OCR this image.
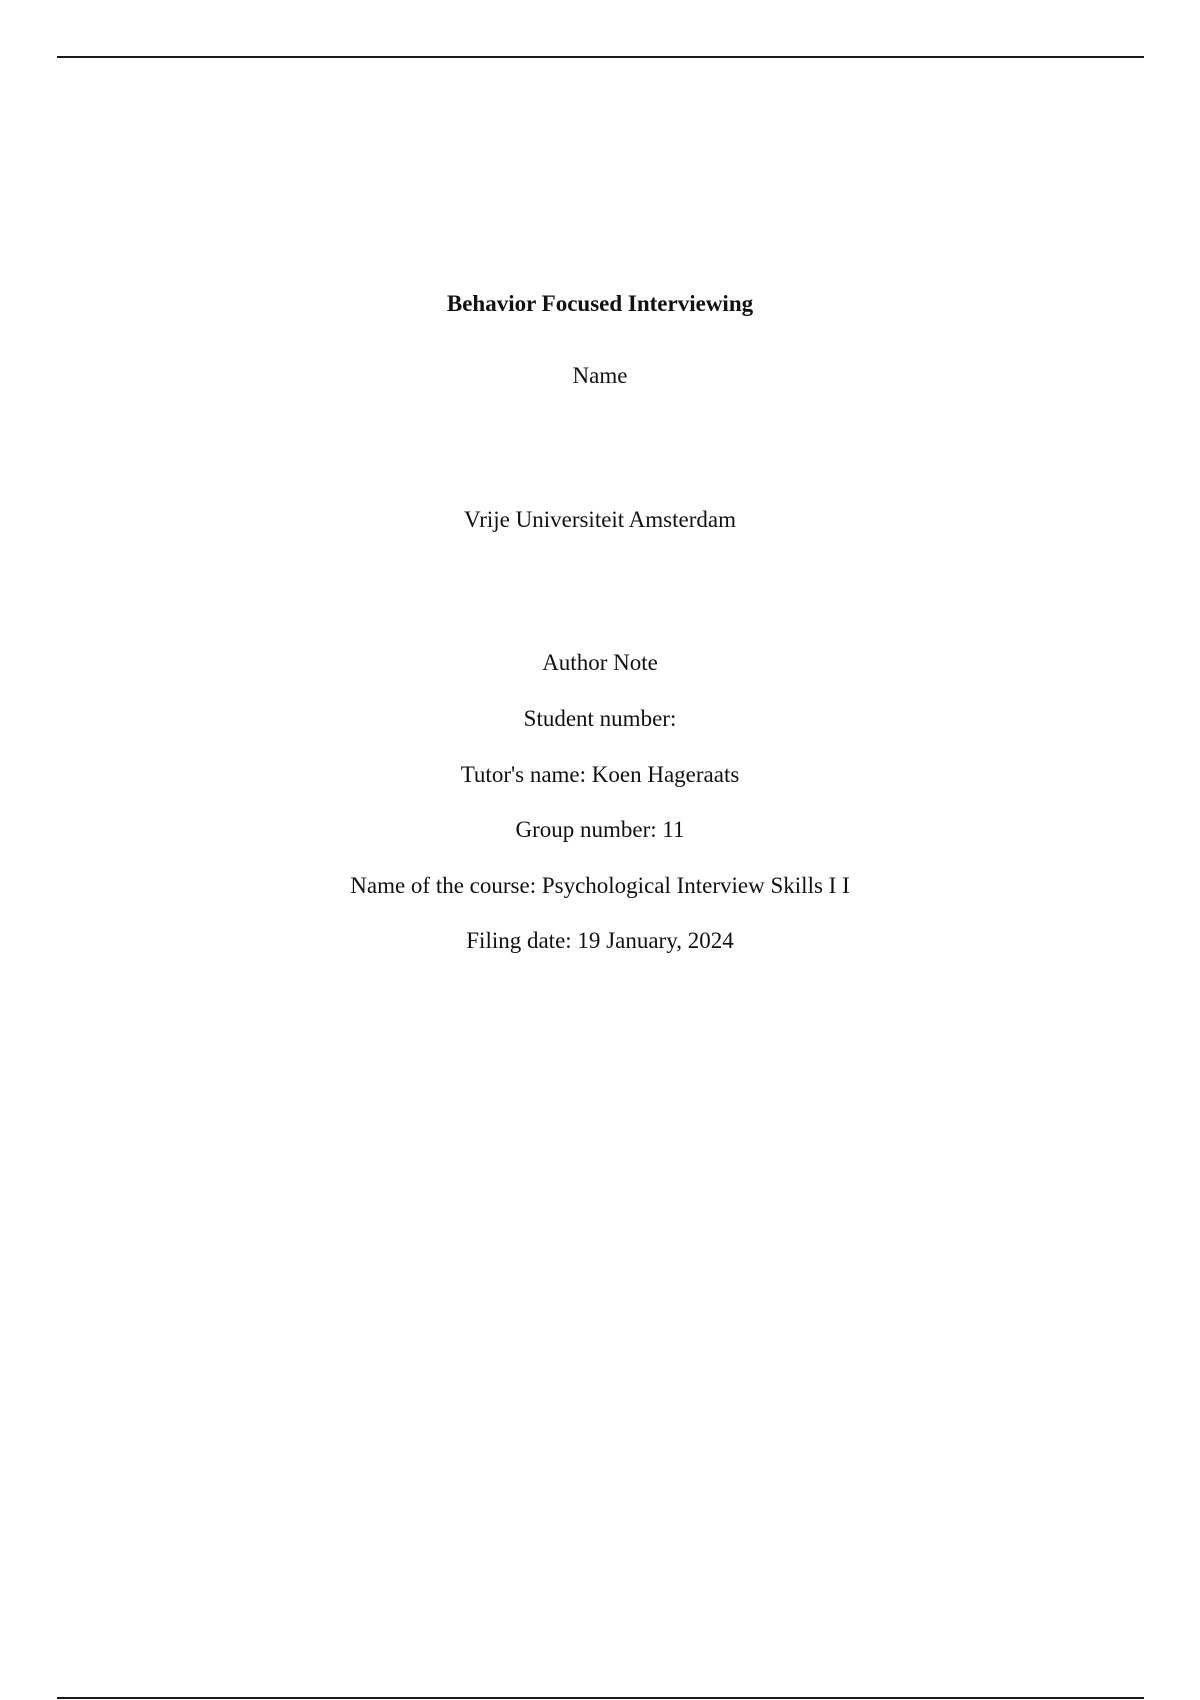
Behavior Focused Interviewing
Name
Vrije Universiteit Amsterdam
Author Note
Student number:
Tutor's name: Koen Hageraats
Group number: 11
Name of the course: Psychological Interview Skills I I
Filing date: 19 January, 2024
